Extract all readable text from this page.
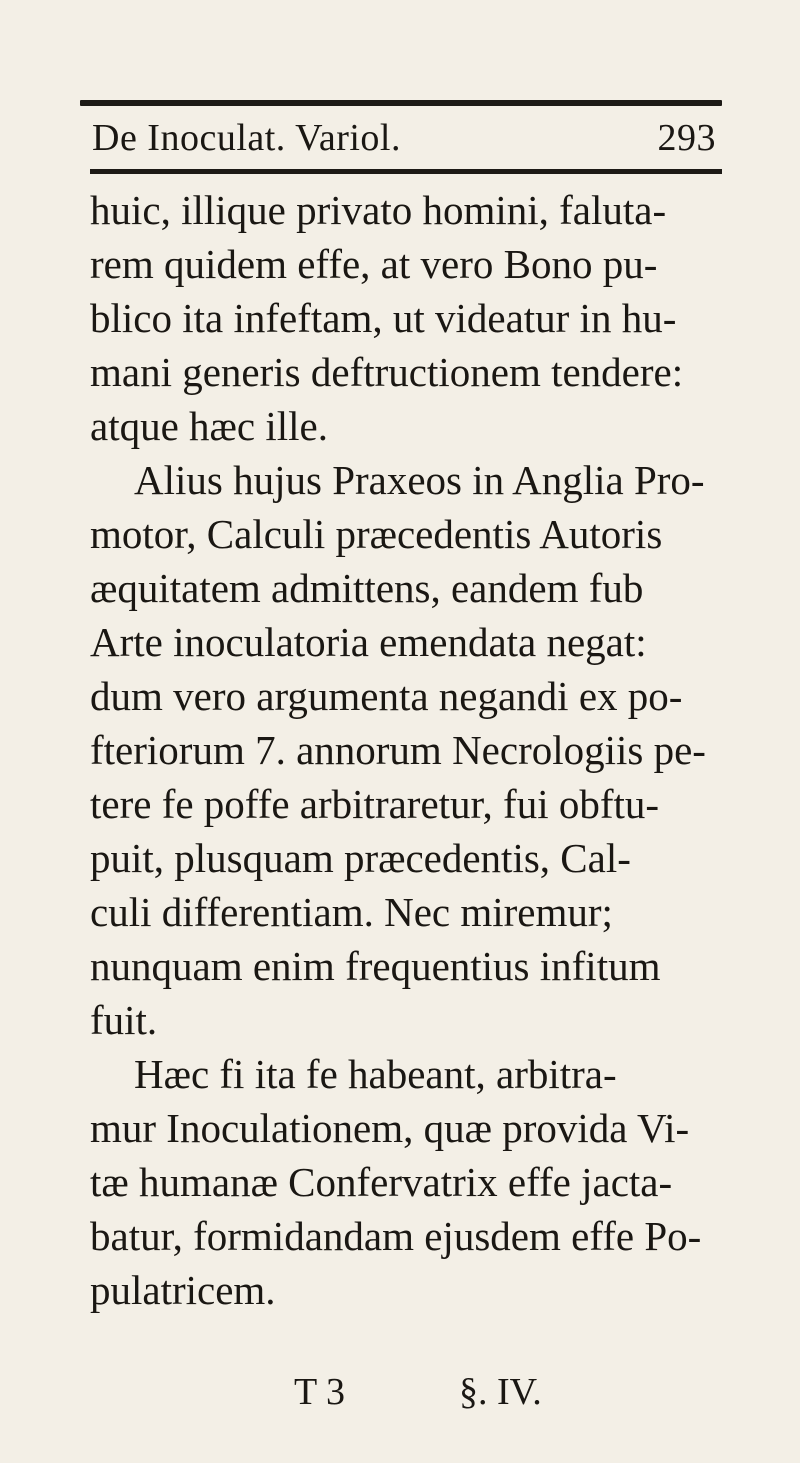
De Inoculat. Variol.	293
huic, illique privato homini, faluta-
rem quidem effe, at vero Bono pu-
blico ita infeftam, ut videatur in hu-
mani generis deftructionem tendere:
atque hæc ille.
Alius hujus Praxeos in Anglia Pro-
motor, Calculi præcedentis Autoris
æquitatem admittens, eandem fub
Arte inoculatoria emendata negat:
dum vero argumenta negandi ex po-
fteriorum 7. annorum Necrologiis pe-
tere fe poffe arbitraretur, fui obftu-
puit, plusquam præcedentis, Cal-
culi differentiam. Nec miremur;
nunquam enim frequentius infitum
fuit.
Hæc fi ita fe habeant, arbitra-
mur Inoculationem, quæ provida Vi-
tæ humanæ Confervatrix effe jacta-
batur, formidandam ejusdem effe Po-
pulatricem.
T 3	§. IV.
